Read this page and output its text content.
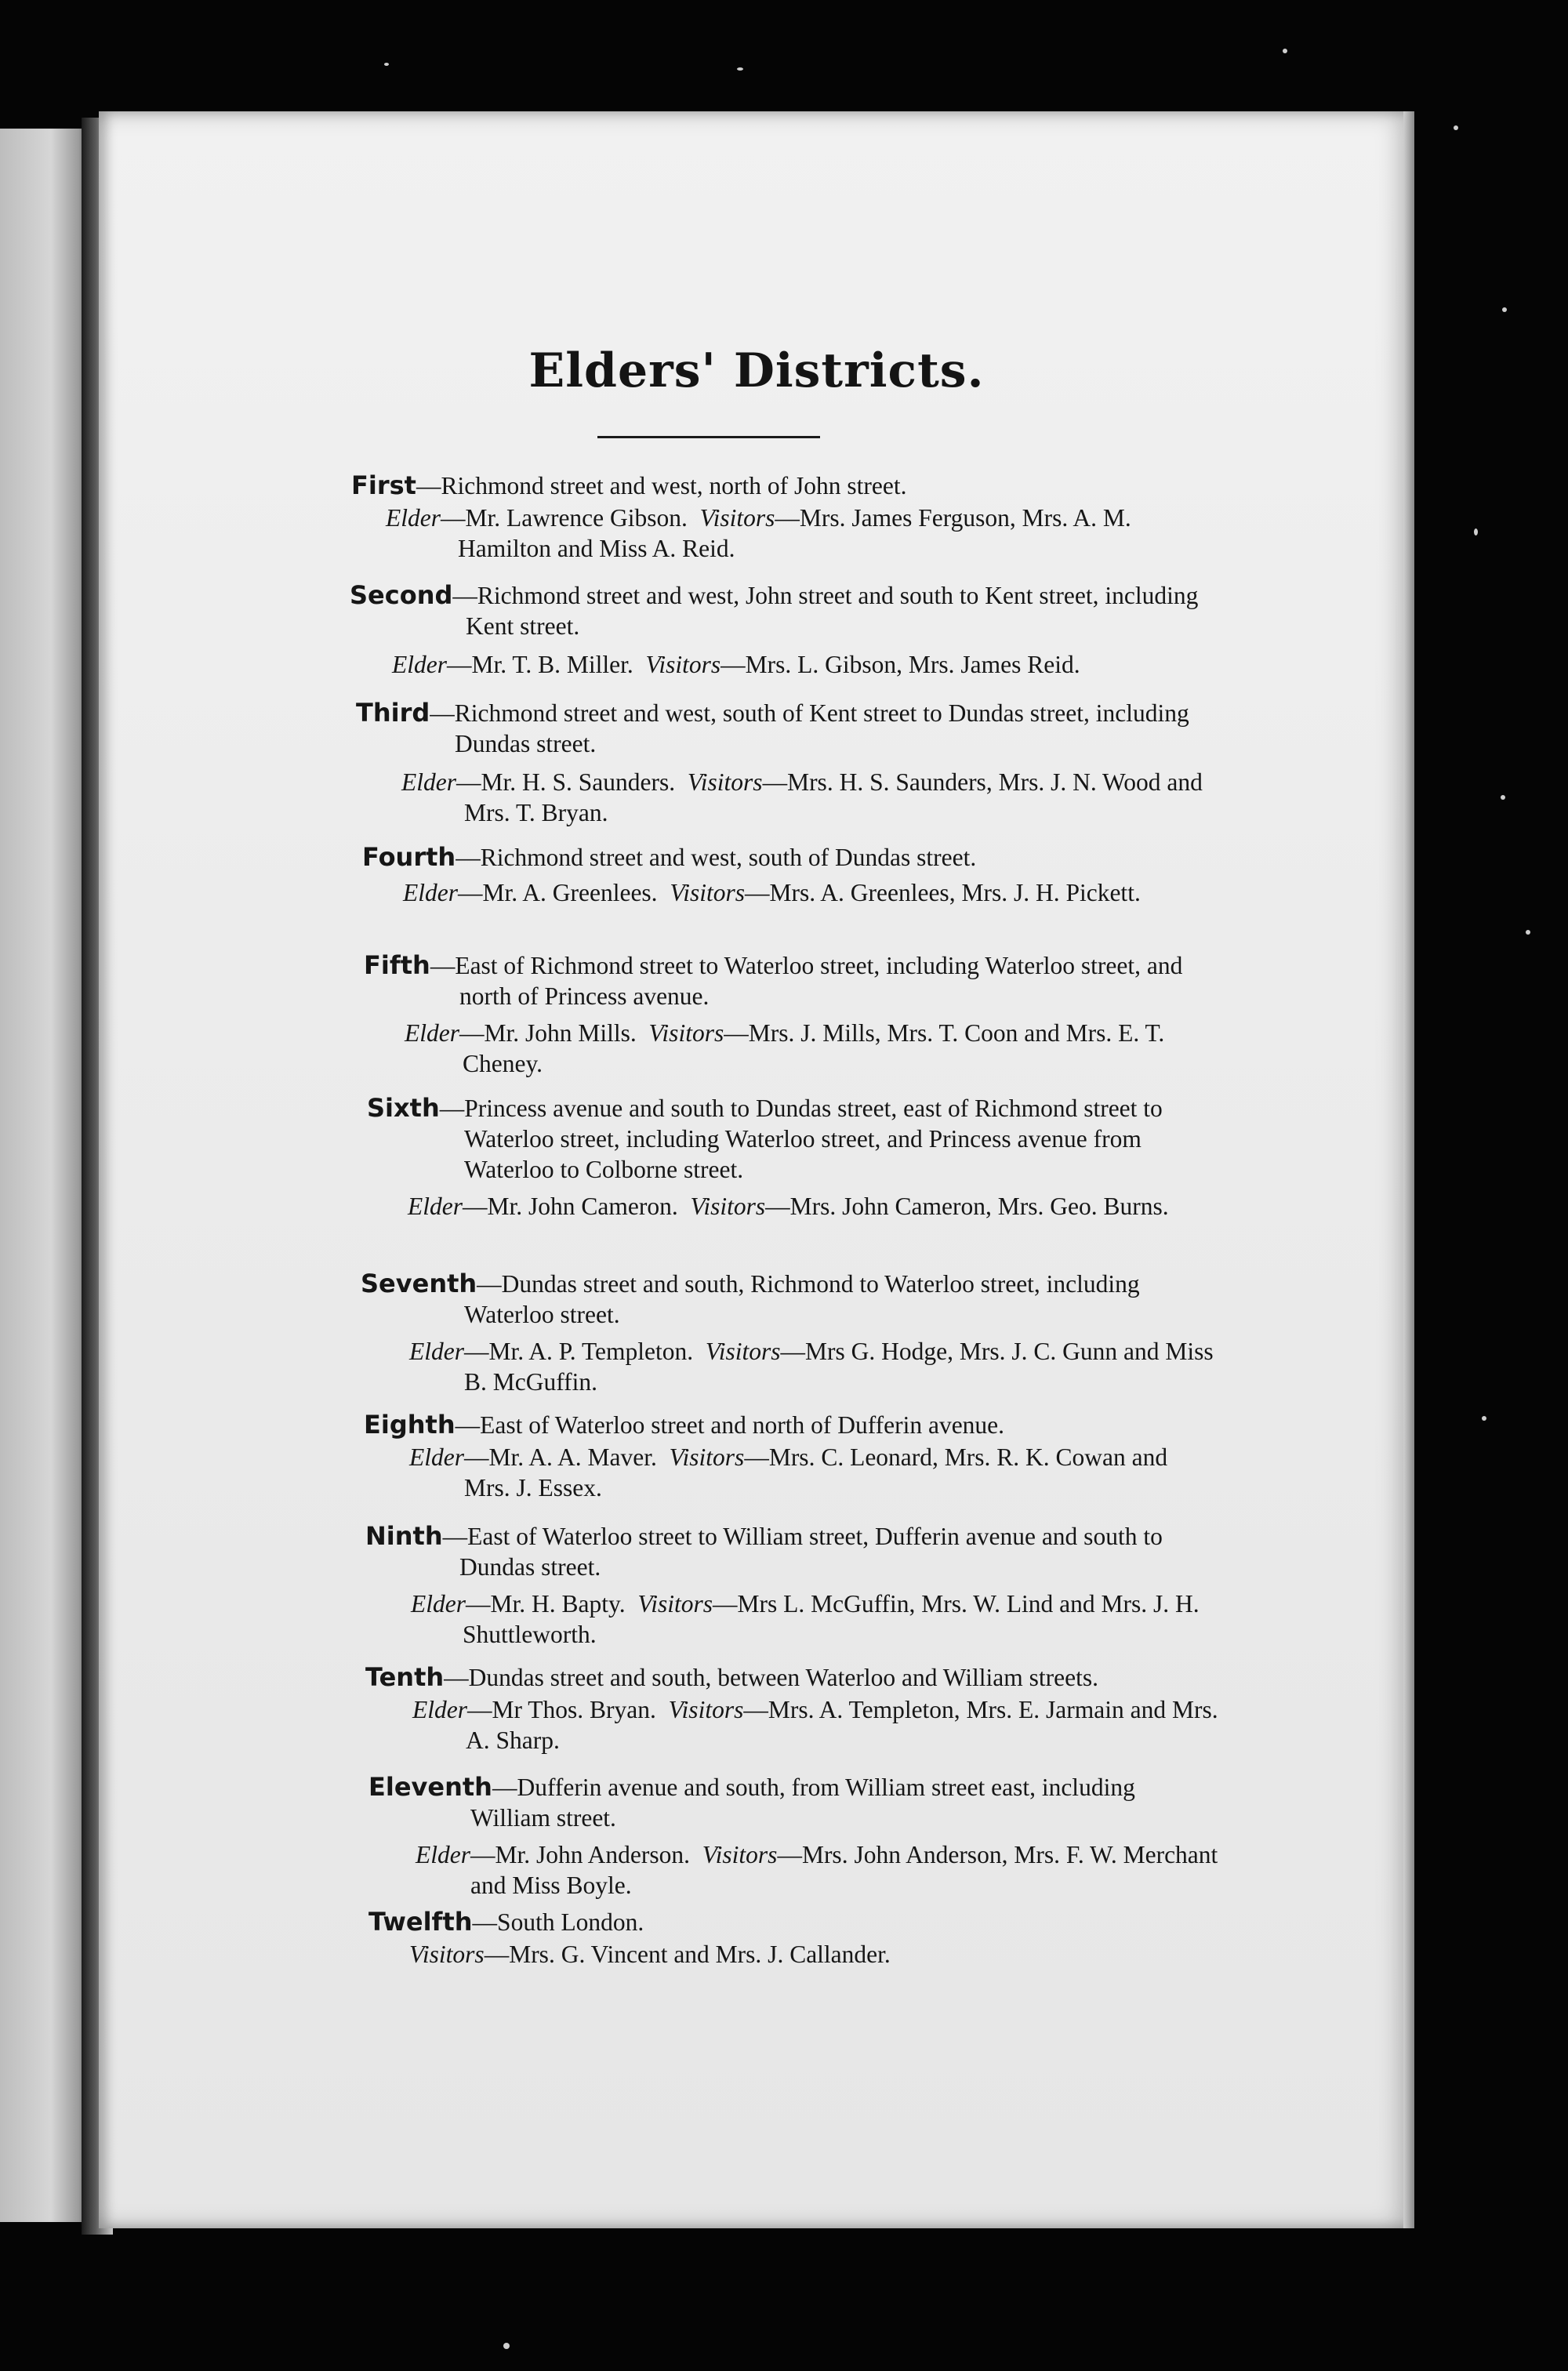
Elders' Districts.
First—Richmond street and west, north of John street.
Elder—Mr. Lawrence Gibson. Visitors—Mrs. James Ferguson, Mrs. A. M. Hamilton and Miss A. Reid.
Second—Richmond street and west, John street and south to Kent street, including Kent street.
Elder—Mr. T. B. Miller. Visitors—Mrs. L. Gibson, Mrs. James Reid.
Third—Richmond street and west, south of Kent street to Dundas street, including Dundas street.
Elder—Mr. H. S. Saunders. Visitors—Mrs. H. S. Saunders, Mrs. J. N. Wood and Mrs. T. Bryan.
Fourth—Richmond street and west, south of Dundas street.
Elder—Mr. A. Greenlees. Visitors—Mrs. A. Greenlees, Mrs. J. H. Pickett.
Fifth—East of Richmond street to Waterloo street, including Waterloo street, and north of Princess avenue.
Elder—Mr. John Mills. Visitors—Mrs. J. Mills, Mrs. T. Coon and Mrs. E. T. Cheney.
Sixth—Princess avenue and south to Dundas street, east of Richmond street to Waterloo street, including Waterloo street, and Princess avenue from Waterloo to Colborne street.
Elder—Mr. John Cameron. Visitors—Mrs. John Cameron, Mrs. Geo. Burns.
Seventh—Dundas street and south, Richmond to Waterloo street, including Waterloo street.
Elder—Mr. A. P. Templeton. Visitors—Mrs G. Hodge, Mrs. J. C. Gunn and Miss B. McGuffin.
Eighth—East of Waterloo street and north of Dufferin avenue.
Elder—Mr. A. A. Maver. Visitors—Mrs. C. Leonard, Mrs. R. K. Cowan and Mrs. J. Essex.
Ninth—East of Waterloo street to William street, Dufferin avenue and south to Dundas street.
Elder—Mr. H. Bapty. Visitors—Mrs L. McGuffin, Mrs. W. Lind and Mrs. J. H. Shuttleworth.
Tenth—Dundas street and south, between Waterloo and William streets.
Elder—Mr Thos. Bryan. Visitors—Mrs. A. Templeton, Mrs. E. Jarmain and Mrs. A. Sharp.
Eleventh—Dufferin avenue and south, from William street east, including William street.
Elder—Mr. John Anderson. Visitors—Mrs. John Anderson, Mrs. F. W. Merchant and Miss Boyle.
Twelfth—South London.
Visitors—Mrs. G. Vincent and Mrs. J. Callander.
